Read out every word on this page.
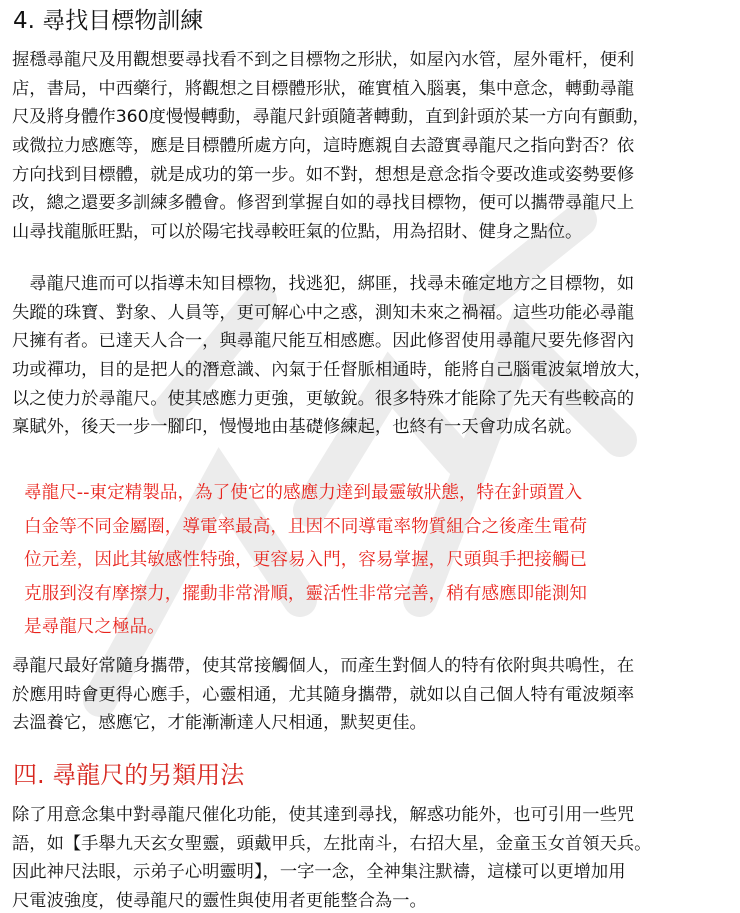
4. 尋找目標物訓練
握穩尋龍尺及用觀想要尋找看不到之目標物之形狀，如屋內水管，屋外電杆，便利
店，書局，中西藥行，將觀想之目標體形狀，確實植入腦裏，集中意念，轉動尋龍
尺及將身體作360度慢慢轉動，尋龍尺針頭隨著轉動，直到針頭於某一方向有顫動，
或微拉力感應等，應是目標體所處方向，這時應親自去證實尋龍尺之指向對否？依
方向找到目標體，就是成功的第一步。如不對，想想是意念指令要改進或姿勢要修
改，總之還要多訓練多體會。修習到掌握自如的尋找目標物，便可以攜帶尋龍尺上
山尋找龍脈旺點，可以於陽宅找尋較旺氣的位點，用為招財、健身之點位。
　尋龍尺進而可以指導未知目標物，找逃犯，綁匪，找尋未確定地方之目標物，如
失蹤的珠寶、對象、人員等，更可解心中之惑，測知未來之禍福。這些功能必尋龍
尺擁有者。已達天人合一，與尋龍尺能互相感應。因此修習使用尋龍尺要先修習內
功或禪功，目的是把人的潛意識、內氣于任督脈相通時，能將自己腦電波氣增放大，
以之使力於尋龍尺。使其感應力更強，更敏銳。很多特殊才能除了先天有些較高的
稟賦外，後天一步一腳印，慢慢地由基礎修練起，也終有一天會功成名就。
尋龍尺--東定精製品，為了使它的感應力達到最靈敏狀態，特在針頭置入
白金等不同金屬圈，導電率最高，且因不同導電率物質組合之後產生電荷
位元差，因此其敏感性特強，更容易入門，容易掌握，尺頭與手把接觸已
克服到沒有摩擦力，擺動非常滑順，靈活性非常完善，稍有感應即能測知
是尋龍尺之極品。
尋龍尺最好常隨身攜帶，使其常接觸個人，而產生對個人的特有依附與共鳴性，在
於應用時會更得心應手，心靈相通，尤其隨身攜帶，就如以自己個人特有電波頻率
去溫養它，感應它，才能漸漸達人尺相通，默契更佳。
四. 尋龍尺的另類用法
除了用意念集中對尋龍尺催化功能，使其達到尋找，解惑功能外，也可引用一些咒
語，如【手舉九天玄女聖靈，頭戴甲兵，左批南斗，右招大星，金童玉女首領天兵。
因此神尺法眼，示弟子心明靈明】，一字一念，全神集注默禱，這樣可以更增加用
尺電波強度，使尋龍尺的靈性與使用者更能整合為一。
